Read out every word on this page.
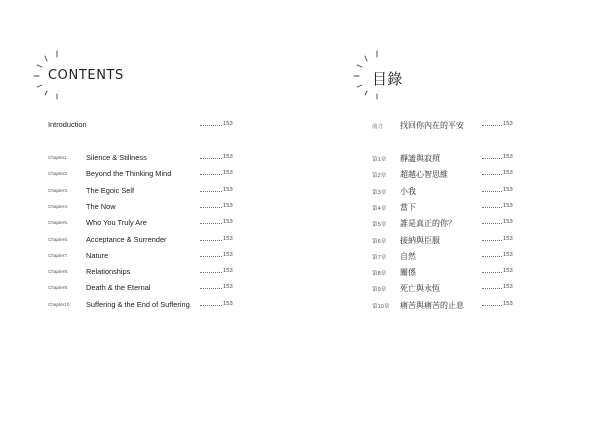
CONTENTS
Introduction	153
Chapter1. Silence & Stillness	153
Chapter2. Beyond the Thinking Mind	153
Chapter3. The Egoic Self	153
Chapter4. The Now	153
Chapter5. Who You Truly Are	153
Chapter6. Acceptance & Surrender	153
Chapter7. Nature	153
Chapter8. Relationships	153
Chapter9. Death & the Eternal	153
Chapter10. Suffering & the End of Suffering	153
目錄
前言 找回你內在的平安	153
第1章 靜謐與寂照	153
第2章 超越心智思維	153
第3章 小我	153
第4章 當下	153
第5章 誰是真正的你？	153
第6章 接納與臣服	153
第7章 自然	153
第8章 關係	153
第9章 死亡與永恆	153
第10章 痛苦與痛苦的止息	153
